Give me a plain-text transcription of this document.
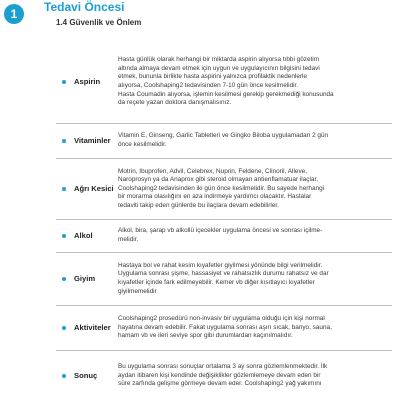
1	Tedavi Öncesi
1.4 Güvenlik ve Önlem
Aspirin
Hasta günlük olarak herhangi bir miktarda aspirin alıyorsa tıbbi gözetim
altında almaya devam etmek için uygun ve uygulayıcının bilgisini tedavi
etmek, bununla birlikte hasta aspirini yalnızca profilaktik nedenlerle
alıyorsa, Coolshaping2 tedavisinden 7-10 gün önce kesilmelidir.
Hasta Coumadin alıyorsa, işlemin kesilmesi gerekip gerekmediği konusunda
da reçete yazan doktora danışmalısınız.
Vitaminler
Vitamin E, Ginseng, Garlic Tabletleri ve Gingko Biloba uygulamadan 2 gün
önce kesilmelidir.
Ağrı Kesici
Motrin, Ibuprofen, Advil, Celebrex, Nuprin, Feldene, Clinoril, Alleve,
Naroprosyn ya da Anaprox gibi steroid olmayan antienflamatuar ilaçlar,
Coolshaping2 tedavisinden iki gün önce kesilmelidir. Bu sayede herhangi
bir morarma olasılığını en aza indirmeye yardımcı olacaktır. Hastalar
tedaviti takip eden günlerde bu ilaçlara devam edebilirler.
Alkol
Alkol, bira, şarap vb alkollü içecekler uygulama öncesi ve sonrası içilme-
melidir.
Giyim
Hastaya bol ve rahat kesim kıyafetler giyilmesi yönünde bilgi verilmelidir.
Uygulama sonrası şişme, hassasiyet ve rahatsızlık durumu rahatsız ve dar
kıyafetler içinde fark edilmeyebilir. Kemer vb diğer kısıtlayıcı kıyafetler
giyilmemelidir
Aktiviteler
Coolshaping2 prosedürü non-invasiv bir uygulama olduğu için kişi normal
hayatına devam edebilir. Fakat uygulama sonrası aşırı sıcak, banyo, sauna,
hamam vb ve ileri seviye spor gibi durumlardan kaçınılmalıdır.
Sonuç
Bu uygulama sonrası sonuçlar ortalama 3 ay sonra gözlemlenmektedir. İlk
aydan itibaren kişi kendinde değişiklikler gözlemlemeye devam eden bir
süre zarfında gelişme görmeye devam eder. Coolshaping2 yağ yakımını
